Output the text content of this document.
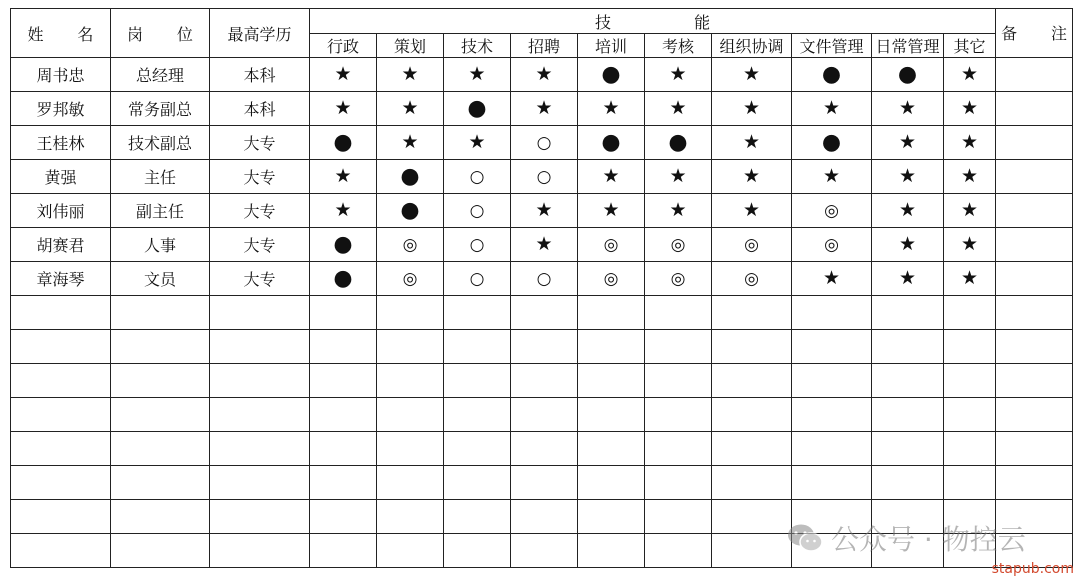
姓 名	岗 位	最高学历	技能										备 注
			行政	策划	技术	招聘	培训	考核	组织协调	文件管理	日常管理	其它	
周书忠	总经理	本科	★	★	★	★	●	★	★	●	●	★	
罗邦敏	常务副总	本科	★	★	●	★	★	★	★	★	★	★	
王桂林	技术副总	大专	●	★	★	○	●	●	★	●	★	★	
黄强	主任	大专	★	●	○	○	★	★	★	★	★	★	
刘伟丽	副主任	大专	★	●	○	★	★	★	★	◎	★	★	
胡赛君	人事	大专	●	◎	○	★	◎	◎	◎	◎	★	★	
章海琴	文员	大专	●	◎	○	○	◎	◎	◎	★	★	★	

公众号 · 物控云
stapub.com
